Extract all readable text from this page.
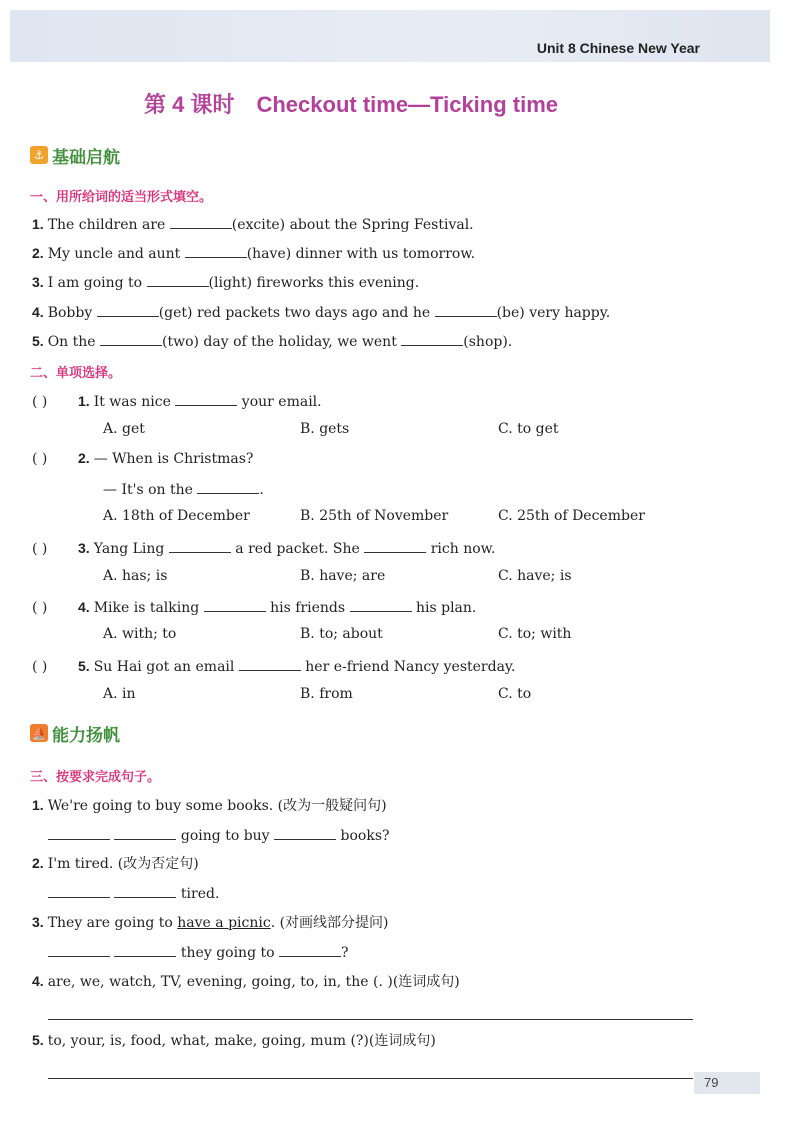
Unit 8 Chinese New Year
第 4 课时 Checkout time—Ticking time
⚓ 基础启航
一、用所给词的适当形式填空。
1. The children are	(excite) about the Spring Festival.
2. My uncle and aunt	(have) dinner with us tomorrow.
3. I am going to	(light) fireworks this evening.
4. Bobby	(get) red packets two days ago and he	(be) very happy.
5. On the	(two) day of the holiday, we went	(shop).
二、单项选择。
( ) 1. It was nice	your email.
A. get	B. gets	C. to get
( ) 2. — When is Christmas?
— It's on the	.
A. 18th of December	B. 25th of November	C. 25th of December
( ) 3. Yang Ling	a red packet. She	rich now.
A. has; is	B. have; are	C. have; is
( ) 4. Mike is talking	his friends	his plan.
A. with; to	B. to; about	C. to; with
( ) 5. Su Hai got an email	her e-friend Nancy yesterday.
A. in	B. from	C. to
⛵ 能力扬帆
三、按要求完成句子。
1. We're going to buy some books. (改为一般疑问句)
going to buy	books?
2. I'm tired. (改为否定句)
tired.
3. They are going to have a picnic. (对画线部分提问)
they going to	?
4. are, we, watch, TV, evening, going, to, in, the (. )(连词成句)
5. to, your, is, food, what, make, going, mum (?)(连词成句)
79
